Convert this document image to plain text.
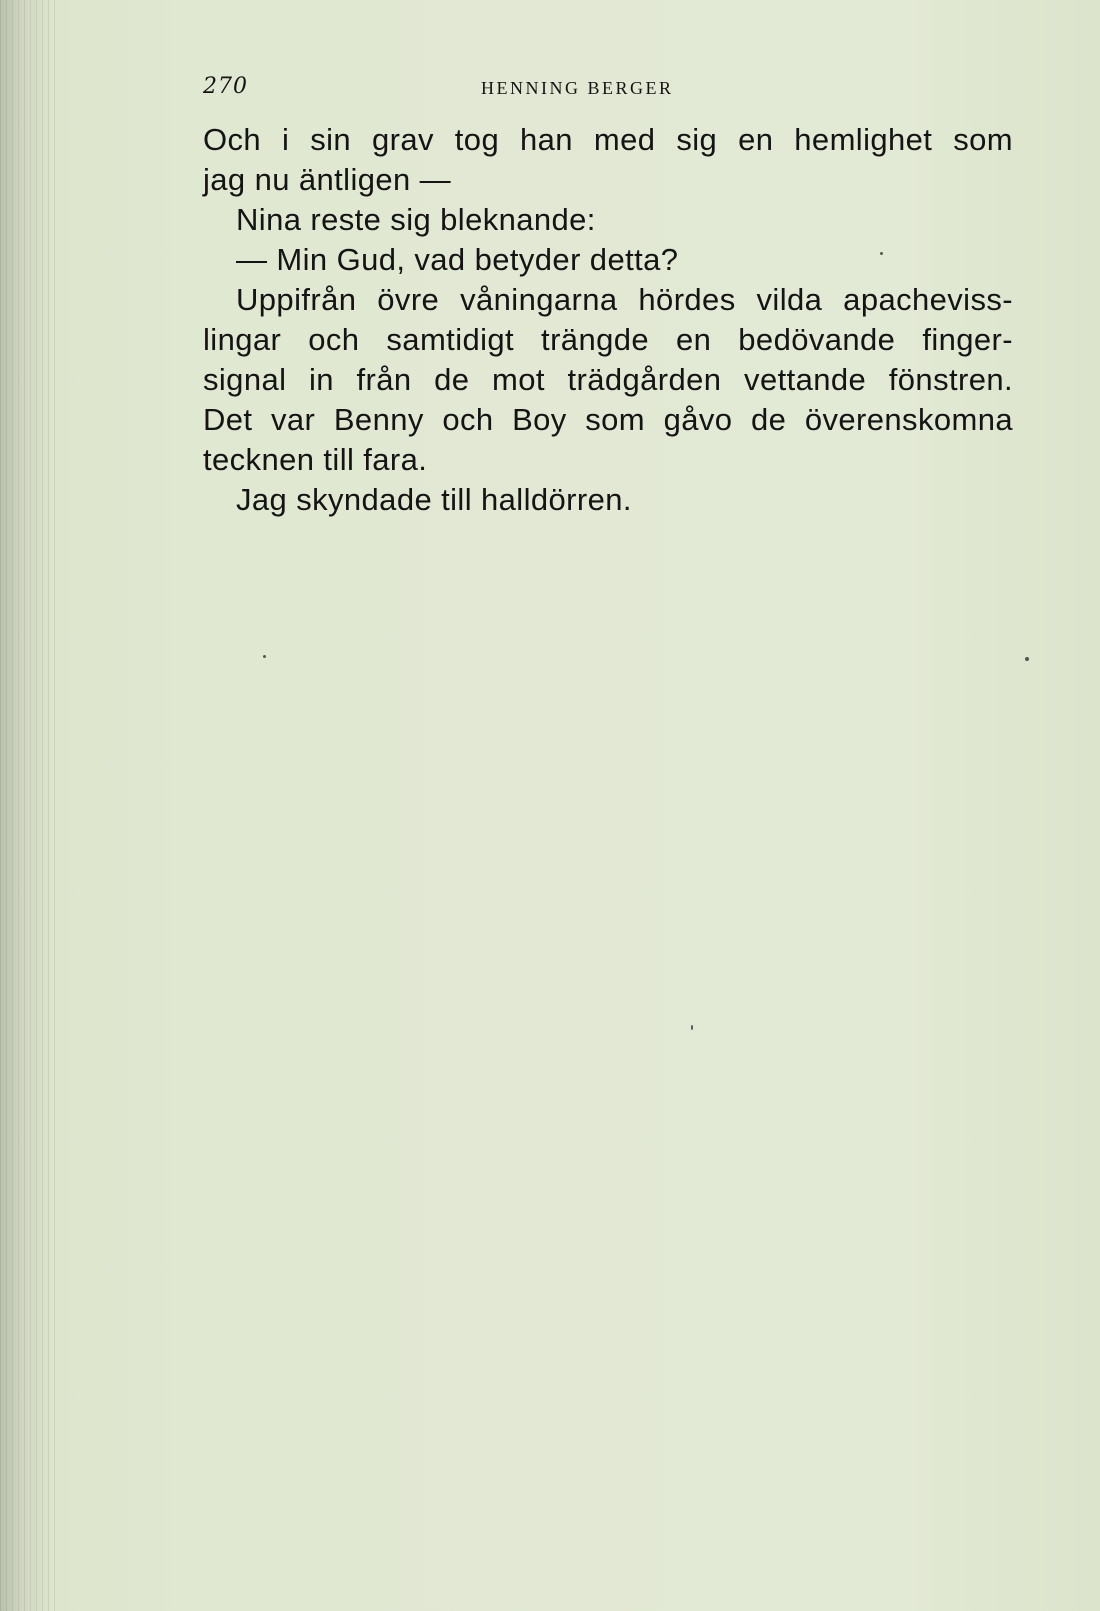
270	HENNING BERGER
Och i sin grav tog han med sig en hemlighet som
jag nu äntligen —
Nina reste sig bleknande:
— Min Gud, vad betyder detta?
Uppifrån övre våningarna hördes vilda apacheviss-
lingar och samtidigt trängde en bedövande finger-
signal in från de mot trädgården vettande fönstren.
Det var Benny och Boy som gåvo de överenskomna
tecknen till fara.
Jag skyndade till halldörren.
